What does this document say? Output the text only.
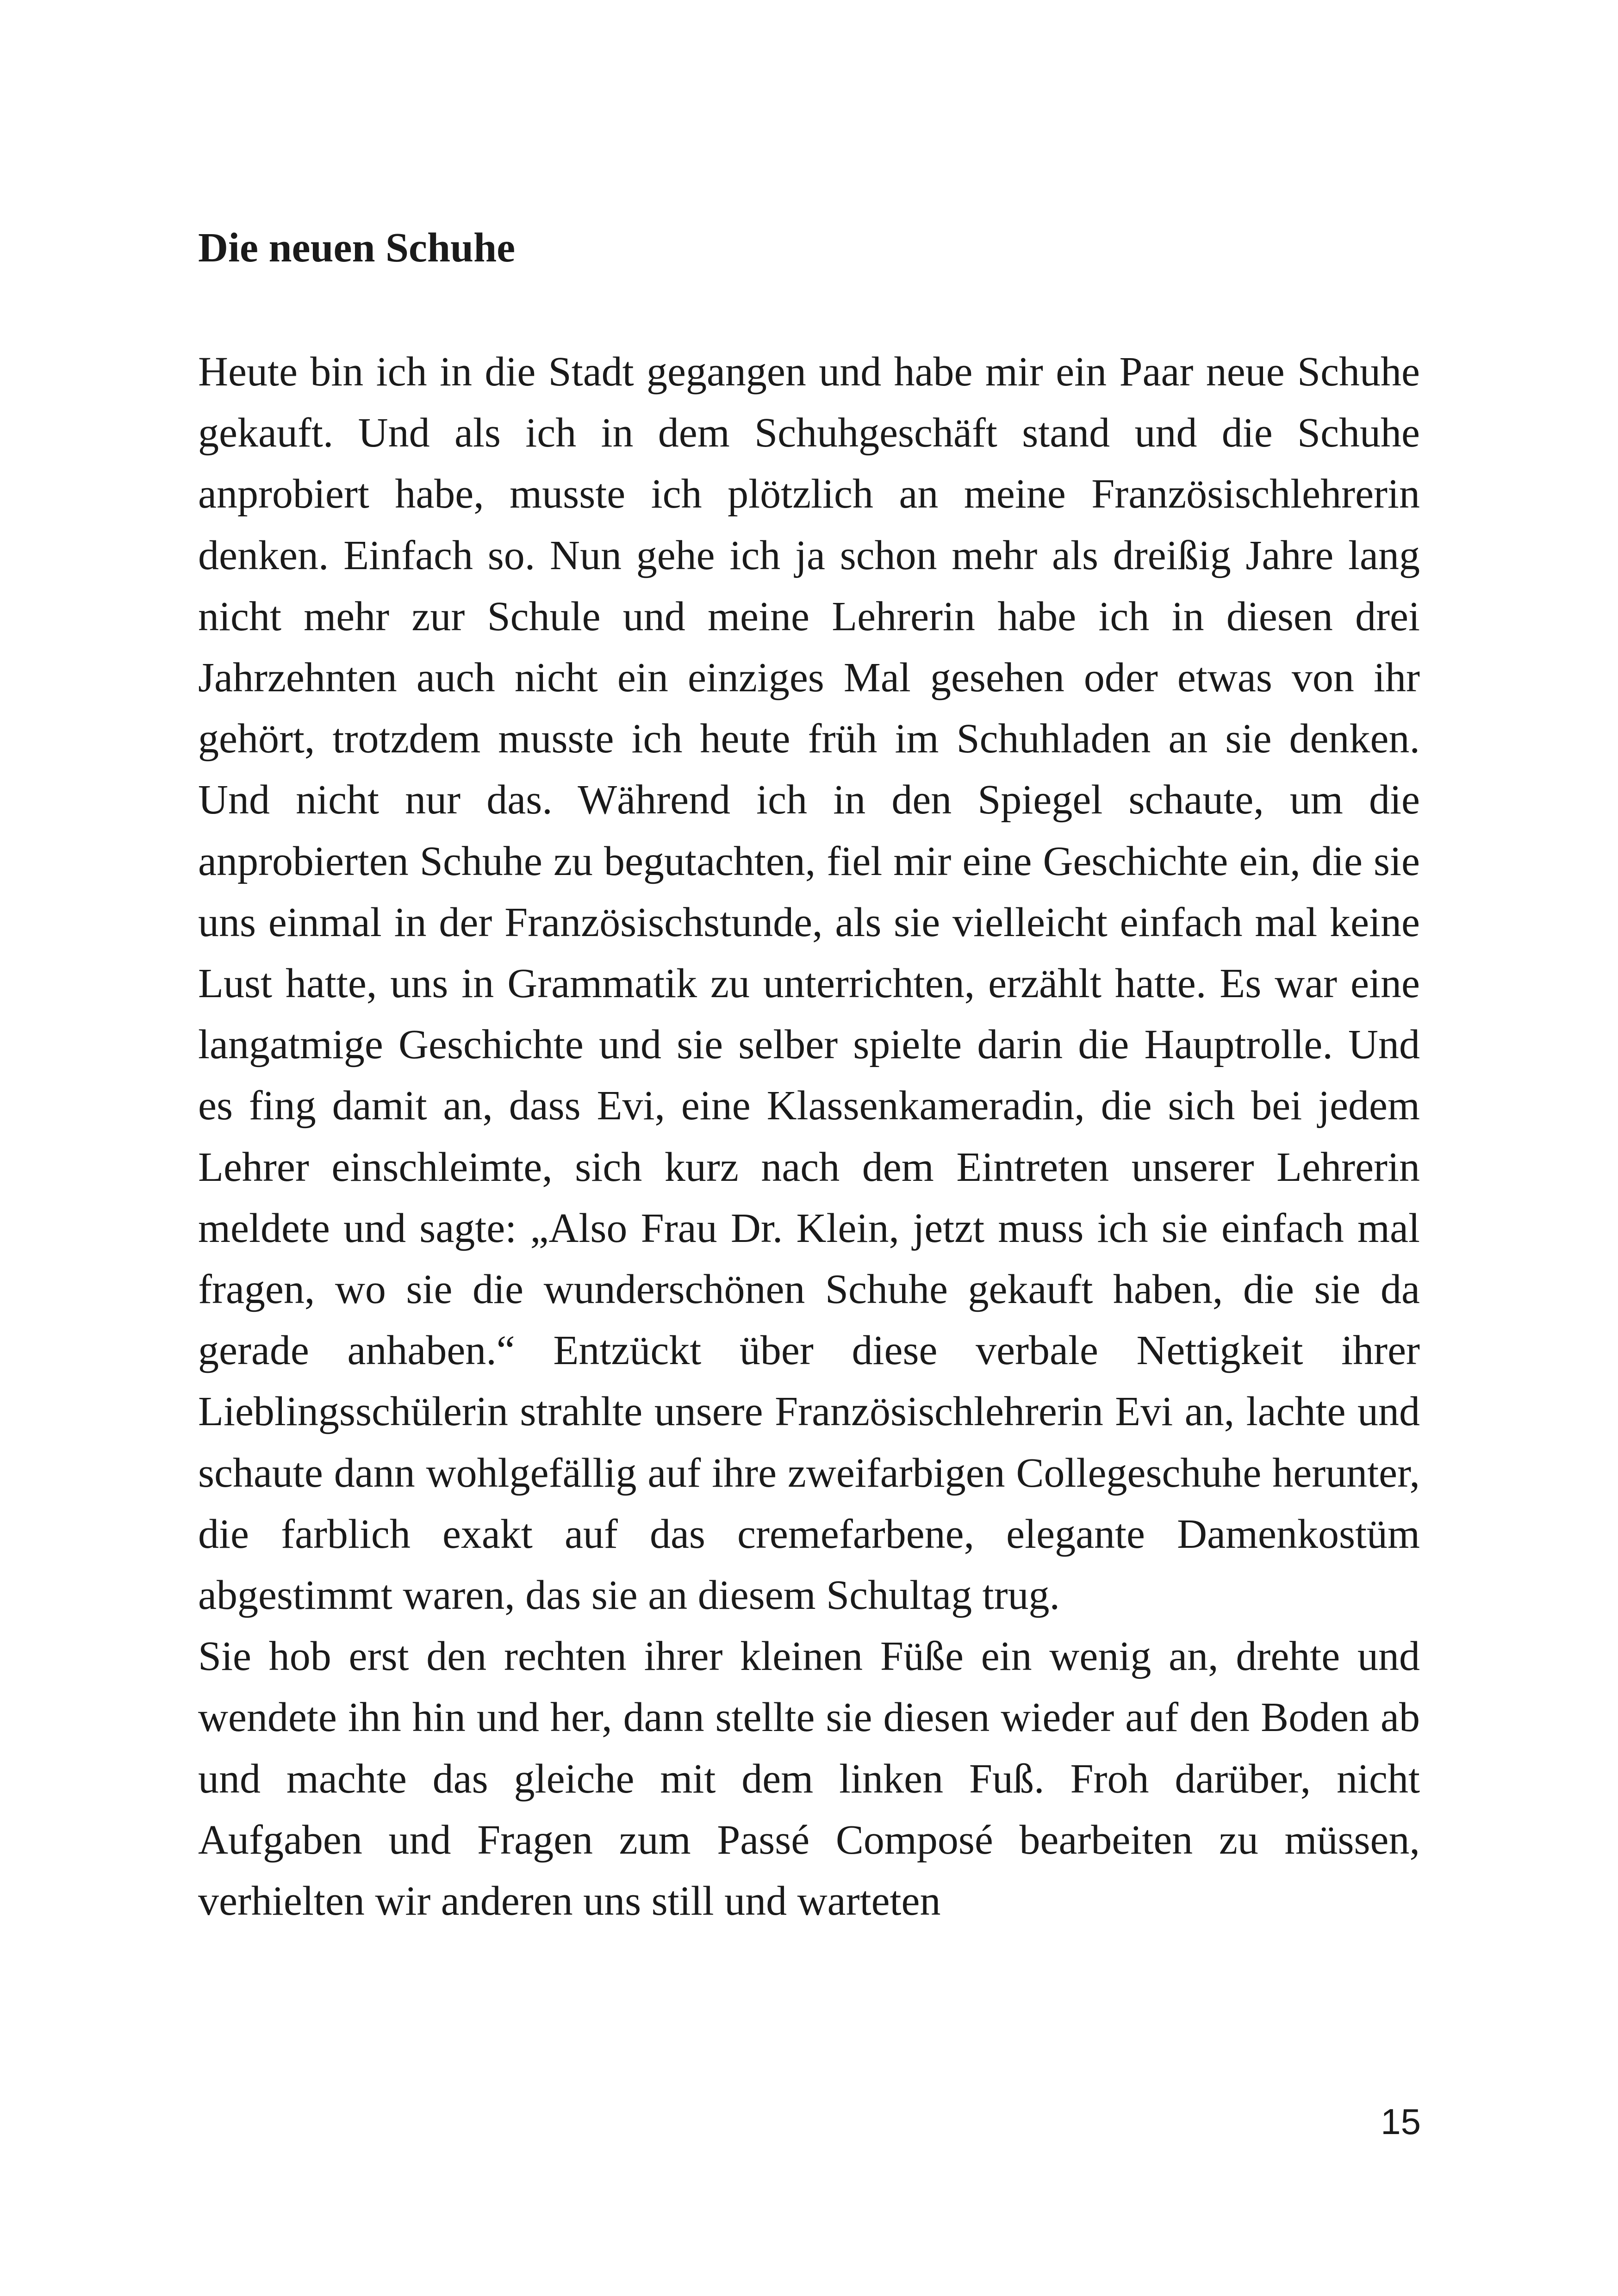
Die neuen Schuhe

Heute bin ich in die Stadt gegangen und habe mir ein Paar neue Schuhe gekauft. Und als ich in dem Schuhgeschäft stand und die Schuhe anprobiert habe, musste ich plötzlich an meine Französischlehrerin denken. Einfach so. Nun gehe ich ja schon mehr als dreißig Jahre lang nicht mehr zur Schule und meine Lehrerin habe ich in diesen drei Jahrzehnten auch nicht ein einziges Mal gesehen oder etwas von ihr gehört, trotzdem musste ich heute früh im Schuhladen an sie denken. Und nicht nur das. Während ich in den Spiegel schaute, um die anprobierten Schuhe zu begutachten, fiel mir eine Geschichte ein, die sie uns einmal in der Französischstunde, als sie vielleicht einfach mal keine Lust hatte, uns in Grammatik zu unterrichten, erzählt hatte. Es war eine langatmige Geschichte und sie selber spielte darin die Hauptrolle. Und es fing damit an, dass Evi, eine Klassenkameradin, die sich bei jedem Lehrer einschleimte, sich kurz nach dem Eintreten unserer Lehrerin meldete und sagte: „Also Frau Dr. Klein, jetzt muss ich sie einfach mal fragen, wo sie die wunderschönen Schuhe gekauft haben, die sie da gerade anhaben.“ Entzückt über diese verbale Nettigkeit ihrer Lieblingsschülerin strahlte unsere Französischlehrerin Evi an, lachte und schaute dann wohlgefällig auf ihre zweifarbigen Collegeschuhe herunter, die farblich exakt auf das cremefarbene, elegante Damenkostüm abgestimmt waren, das sie an diesem Schultag trug.

Sie hob erst den rechten ihrer kleinen Füße ein wenig an, drehte und wendete ihn hin und her, dann stellte sie diesen wieder auf den Boden ab und machte das gleiche mit dem linken Fuß. Froh darüber, nicht Aufgaben und Fragen zum Passé Composé bearbeiten zu müssen, verhielten wir anderen uns still und warteten

15
